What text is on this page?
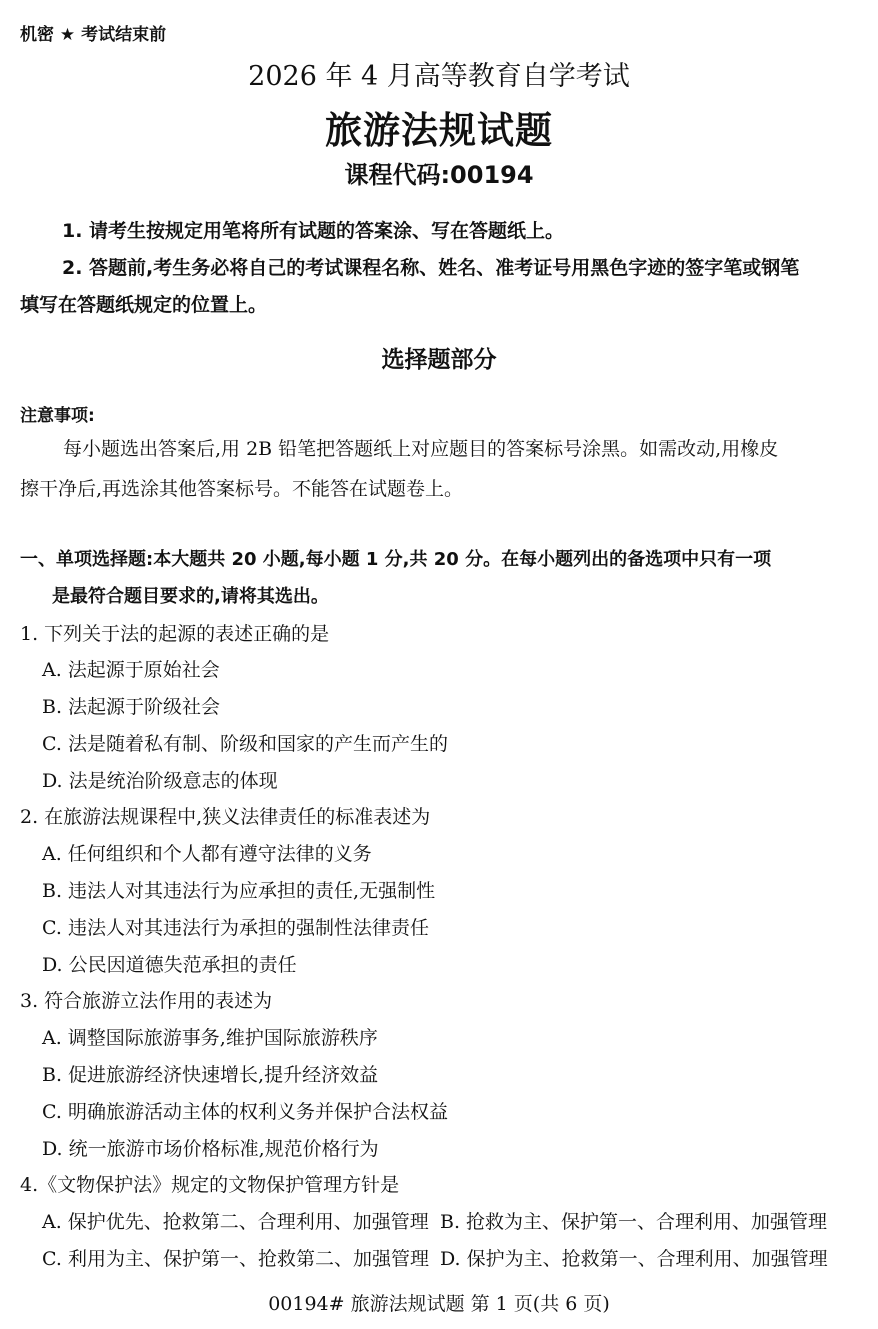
机密 ★ 考试结束前
2026 年 4 月高等教育自学考试
旅游法规试题
课程代码:00194
1. 请考生按规定用笔将所有试题的答案涂、写在答题纸上。
2. 答题前,考生务必将自己的考试课程名称、姓名、准考证号用黑色字迹的签字笔或钢笔
填写在答题纸规定的位置上。
选择题部分
注意事项:
每小题选出答案后,用 2B 铅笔把答题纸上对应题目的答案标号涂黑。如需改动,用橡皮
擦干净后,再选涂其他答案标号。不能答在试题卷上。
一、单项选择题:本大题共 20 小题,每小题 1 分,共 20 分。在每小题列出的备选项中只有一项
是最符合题目要求的,请将其选出。
1. 下列关于法的起源的表述正确的是
A. 法起源于原始社会
B. 法起源于阶级社会
C. 法是随着私有制、阶级和国家的产生而产生的
D. 法是统治阶级意志的体现
2. 在旅游法规课程中,狭义法律责任的标准表述为
A. 任何组织和个人都有遵守法律的义务
B. 违法人对其违法行为应承担的责任,无强制性
C. 违法人对其违法行为承担的强制性法律责任
D. 公民因道德失范承担的责任
3. 符合旅游立法作用的表述为
A. 调整国际旅游事务,维护国际旅游秩序
B. 促进旅游经济快速增长,提升经济效益
C. 明确旅游活动主体的权利义务并保护合法权益
D. 统一旅游市场价格标准,规范价格行为
4.《文物保护法》规定的文物保护管理方针是
A. 保护优先、抢救第二、合理利用、加强管理 B. 抢救为主、保护第一、合理利用、加强管理
C. 利用为主、保护第一、抢救第二、加强管理 D. 保护为主、抢救第一、合理利用、加强管理
00194# 旅游法规试题 第 1 页(共 6 页)
